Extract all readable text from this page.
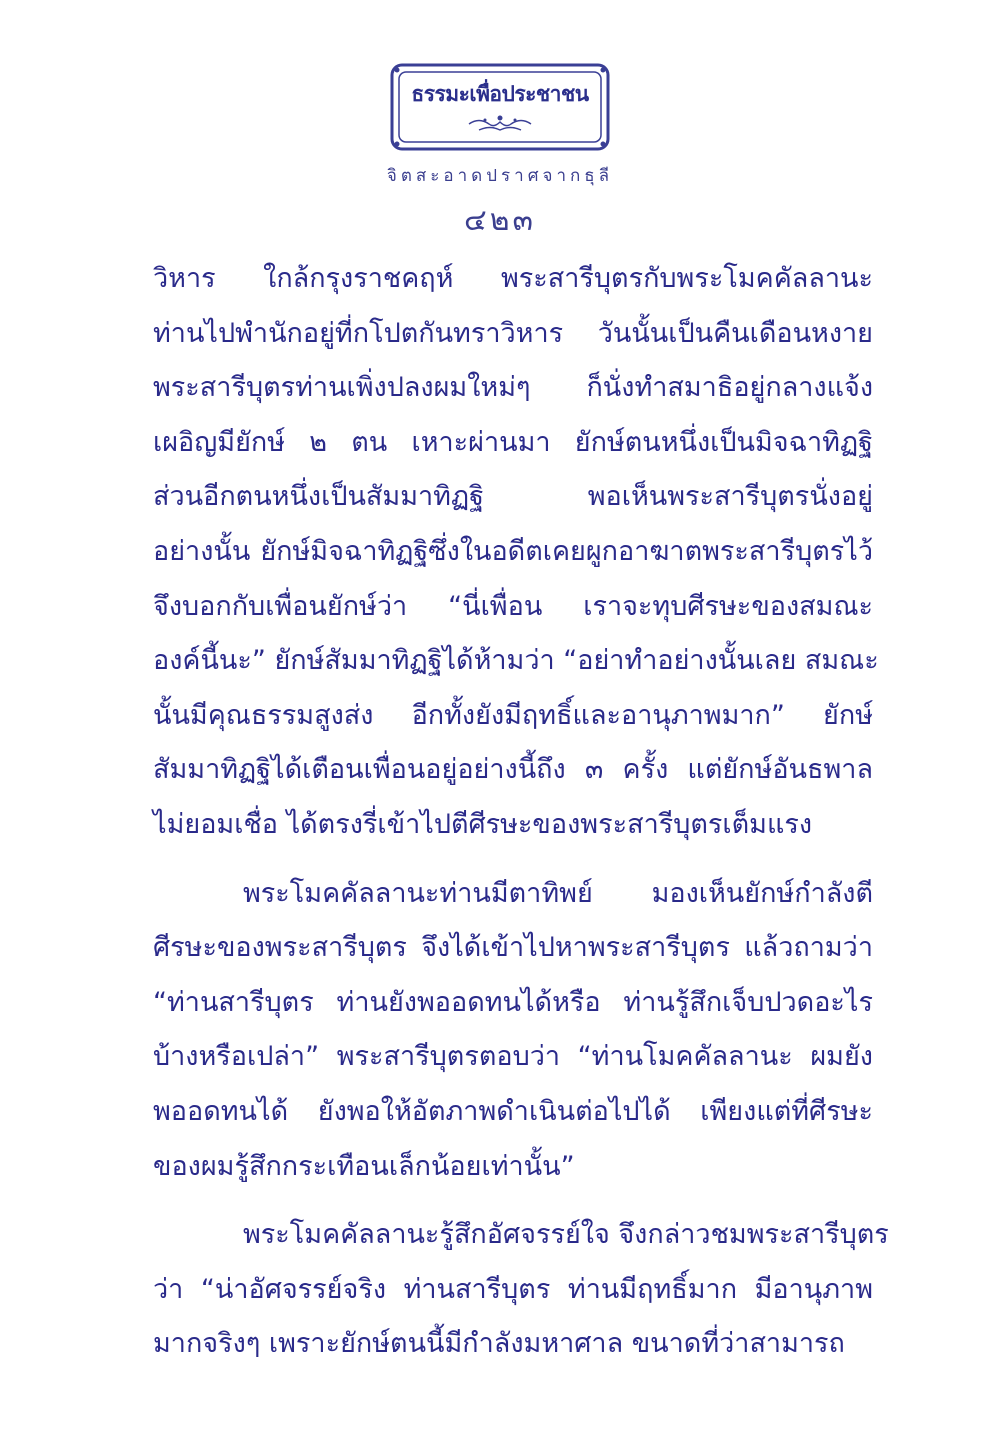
ธรรมะเพื่อประชาชน
จิตสะอาดปราศจากธุลี
๔๒๓
วิหาร ใกล้กรุงราชคฤห์ พระสารีบุตรกับพระโมคคัลลานะ
ท่านไปพำนักอยู่ที่กโปตกันทราวิหาร วันนั้นเป็นคืนเดือนหงาย
พระสารีบุตรท่านเพิ่งปลงผมใหม่ๆ ก็นั่งทำสมาธิอยู่กลางแจ้ง
เผอิญมียักษ์ ๒ ตน เหาะผ่านมา ยักษ์ตนหนึ่งเป็นมิจฉาทิฏฐิ
ส่วนอีกตนหนึ่งเป็นสัมมาทิฏฐิ พอเห็นพระสารีบุตรนั่งอยู่
อย่างนั้น ยักษ์มิจฉาทิฏฐิซึ่งในอดีตเคยผูกอาฆาตพระสารีบุตรไว้
จึงบอกกับเพื่อนยักษ์ว่า “นี่เพื่อน เราจะทุบศีรษะของสมณะ
องค์นี้นะ” ยักษ์สัมมาทิฏฐิได้ห้ามว่า “อย่าทำอย่างนั้นเลย สมณะ
นั้นมีคุณธรรมสูงส่ง อีกทั้งยังมีฤทธิ์และอานุภาพมาก” ยักษ์
สัมมาทิฏฐิได้เตือนเพื่อนอยู่อย่างนี้ถึง ๓ ครั้ง แต่ยักษ์อันธพาล
ไม่ยอมเชื่อ ได้ตรงรี่เข้าไปตีศีรษะของพระสารีบุตรเต็มแรง
พระโมคคัลลานะท่านมีตาทิพย์ มองเห็นยักษ์กำลังตี
ศีรษะของพระสารีบุตร จึงได้เข้าไปหาพระสารีบุตร แล้วถามว่า
“ท่านสารีบุตร ท่านยังพออดทนได้หรือ ท่านรู้สึกเจ็บปวดอะไร
บ้างหรือเปล่า” พระสารีบุตรตอบว่า “ท่านโมคคัลลานะ ผมยัง
พออดทนได้ ยังพอให้อัตภาพดำเนินต่อไปได้ เพียงแต่ที่ศีรษะ
ของผมรู้สึกกระเทือนเล็กน้อยเท่านั้น”
พระโมคคัลลานะรู้สึกอัศจรรย์ใจ จึงกล่าวชมพระสารีบุตร
ว่า “น่าอัศจรรย์จริง ท่านสารีบุตร ท่านมีฤทธิ์มาก มีอานุภาพ
มากจริงๆ เพราะยักษ์ตนนี้มีกำลังมหาศาล ขนาดที่ว่าสามารถ
